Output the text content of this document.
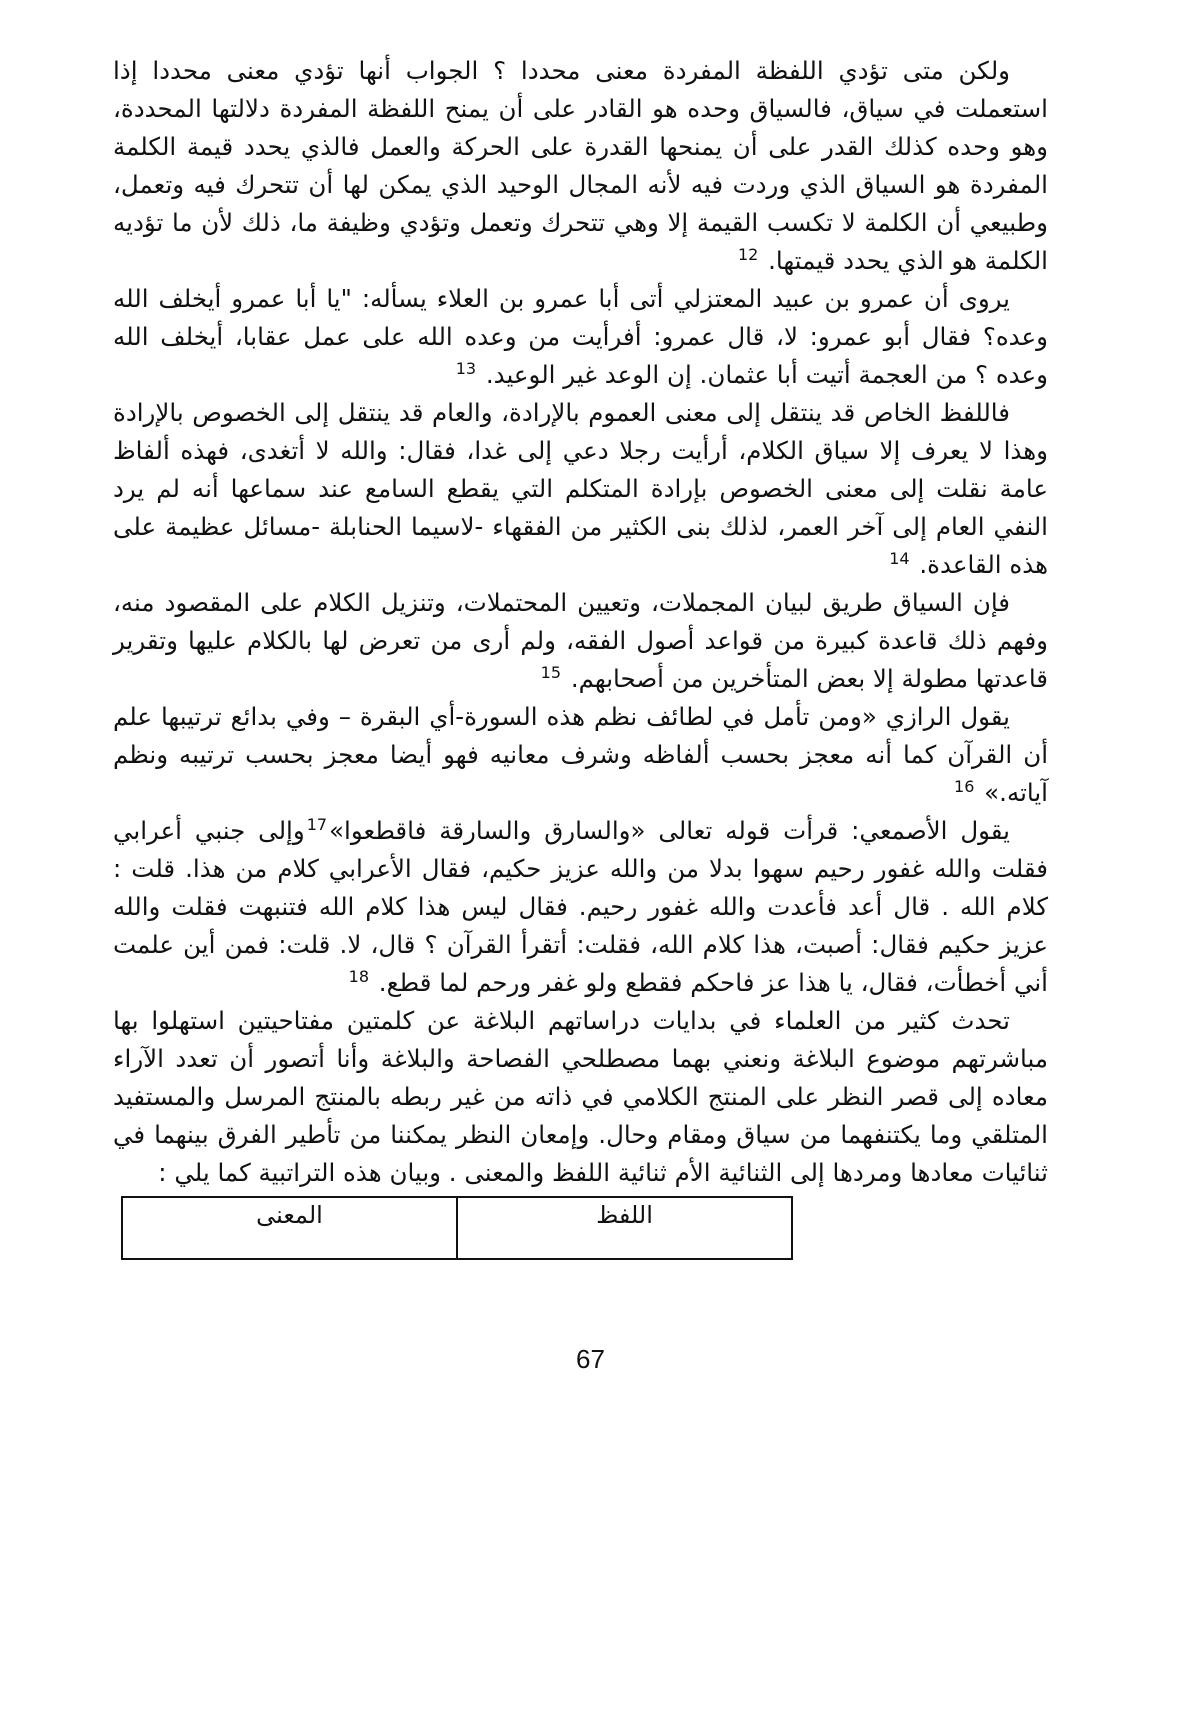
ولكن متى تؤدي اللفظة المفردة معنى محددا ؟ الجواب أنها تؤدي معنى محددا إذا استعملت في سياق، فالسياق وحده هو القادر على أن يمنح اللفظة المفردة دلالتها المحددة، وهو وحده كذلك القدر على أن يمنحها القدرة على الحركة والعمل فالذي يحدد قيمة الكلمة المفردة هو السياق الذي وردت فيه لأنه المجال الوحيد الذي يمكن لها أن تتحرك فيه وتعمل، وطبيعي أن الكلمة لا تكسب القيمة إلا وهي تتحرك وتعمل وتؤدي وظيفة ما، ذلك لأن ما تؤديه الكلمة هو الذي يحدد قيمتها. $^{12}$

يروى أن عمرو بن عبيد المعتزلي أتى أبا عمرو بن العلاء يسأله: "يا أبا عمرو أيخلف الله وعده؟ فقال أبو عمرو: لا، قال عمرو: أفرأيت من وعده الله على عمل عقابا، أيخلف الله وعده ؟ من العجمة أتيت أبا عثمان. إن الوعد غير الوعيد. $^{13}$

فاللفظ الخاص قد ينتقل إلى معنى العموم بالإرادة، والعام قد ينتقل إلى الخصوص بالإرادة وهذا لا يعرف إلا سياق الكلام، أرأيت رجلا دعي إلى غدا، فقال: والله لا أتغدى، فهذه ألفاظ عامة نقلت إلى معنى الخصوص بإرادة المتكلم التي يقطع السامع عند سماعها أنه لم يرد النفي العام إلى آخر العمر، لذلك بنى الكثير من الفقهاء -لاسيما الحنابلة -مسائل عظيمة على هذه القاعدة. $^{14}$

فإن السياق طريق لبيان المجملات، وتعيين المحتملات، وتنزيل الكلام على المقصود منه، وفهم ذلك قاعدة كبيرة من قواعد أصول الفقه، ولم أرى من تعرض لها بالكلام عليها وتقرير قاعدتها مطولة إلا بعض المتأخرين من أصحابهم. $^{15}$

يقول الرازي «ومن تأمل في لطائف نظم هذه السورة-أي البقرة – وفي بدائع ترتيبها علم أن القرآن كما أنه معجز بحسب ألفاظه وشرف معانيه فهو أيضا معجز بحسب ترتيبه ونظم آياته.» $^{16}$

يقول الأصمعي: قرأت قوله تعالى «والسارق والسارقة فاقطعوا»$^{17}$وإلى جنبي أعرابي فقلت والله غفور رحيم سهوا بدلا من والله عزيز حكيم، فقال الأعرابي كلام من هذا. قلت : كلام الله . قال أعد فأعدت والله غفور رحيم. فقال ليس هذا كلام الله فتنبهت فقلت والله عزيز حكيم فقال: أصبت، هذا كلام الله، فقلت: أتقرأ القرآن ؟ قال، لا. قلت: فمن أين علمت أني أخطأت، فقال، يا هذا عز فاحكم فقطع ولو غفر ورحم لما قطع. $^{18}$

تحدث كثير من العلماء في بدايات دراساتهم البلاغة عن كلمتين مفتاحيتين استهلوا بها مباشرتهم موضوع البلاغة ونعني بهما مصطلحي الفصاحة والبلاغة وأنا أتصور أن تعدد الآراء معاده إلى قصر النظر على المنتج الكلامي في ذاته من غير ربطه بالمنتج المرسل والمستفيد المتلقي وما يكتنفهما من سياق ومقام وحال. وإمعان النظر يمكننا من تأطير الفرق بينهما في ثنائيات معادها ومردها إلى الثنائية الأم ثنائية اللفظ والمعنى . وبيان هذه التراتبية كما يلي :

اللفظ	المعنى
67
